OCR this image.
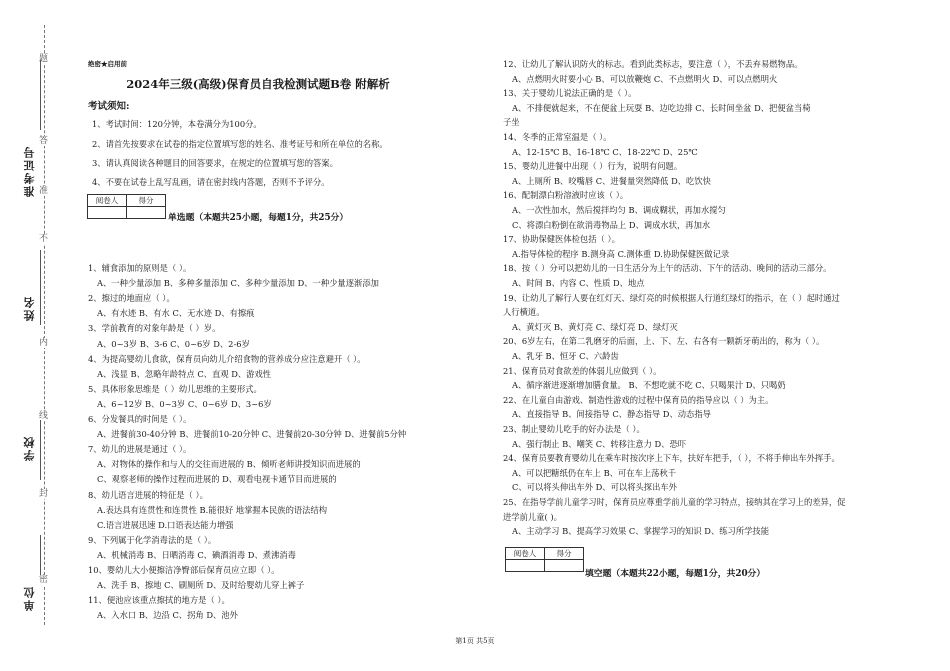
题
答
准
不
内
线
封
密
准考证号
姓名
学校
单位
绝密★启用前
2024年三级(高级)保育员自我检测试题B卷 附解析
考试须知:
1、考试时间：120分钟，本卷满分为100分。
2、请首先按要求在试卷的指定位置填写您的姓名、准考证号和所在单位的名称。
3、请认真阅读各种题目的回答要求，在规定的位置填写您的答案。
4、不要在试卷上乱写乱画，请在密封线内答题，否则不予评分。
阅卷人	得分

单选题（本题共25小题，每题1分，共25分）
1、辅食添加的原则是（ ）。
A、一种少量添加 B、多种多量添加 C、多种少量添加 D、一种少量逐渐添加
2、擦过的地面应（ ）。
A、有水迹 B、有水 C、无水迹 D、有擦痕
3、学前教育的对象年龄是（ ）岁。
A、0~3岁 B、3-6 C、0~6岁 D、2-6岁
4、为提高婴幼儿食欲，保育员向幼儿介绍食物的营养成分应注意避开（ ）。
A、浅显 B、忽略年龄特点 C、直观 D、游戏性
5、具体形象思维是（ ）幼儿思维的主要形式。
A、6~12岁 B、0~3岁 C、0~6岁 D、3~6岁
6、分发餐具的时间是（ ）。
A、进餐前30-40分钟 B、进餐前10-20分钟 C、进餐前20-30分钟 D、进餐前5分钟
7、幼儿的进展是通过（ ）。
A、对物体的操作和与人的交往而进展的 B、倾听老师讲授知识而进展的
C、观察老师的操作过程而进展的 D、观看电视卡通节目而进展的
8、幼儿语言进展的特征是（ ）。
A.表达具有连贯性和连贯性 B.能很好 地掌握本民族的语法结构
C.语言进展迅速 D.口语表达能力增强
9、下列属于化学消毒法的是（ ）。
A、机械消毒 B、日晒消毒 C、碘酒消毒 D、煮沸消毒
10、婴幼儿大小便擦洁净臀部后保育员应立即（ ）。
A、洗手 B、擦地 C、刷厕所 D、及时给婴幼儿穿上裤子
11、便池应该重点擦拭的地方是（ ）。
A、入水口 B、边沿 C、拐角 D、池外
12、让幼儿了解认识防火的标志。看到此类标志，要注意（ ），不丢弃易燃物品。
A、点燃明火时要小心 B、可以放鞭炮 C、不点燃明火 D、可以点燃明火
13、关于婴幼儿说法正确的是（ ）。
A、不排便就起来，不在便盆上玩耍 B、边吃边排 C、长时间坐盆 D、把便盆当椅
子坐
14、冬季的正常室温是（ ）。
A、12-15℃ B、16-18℃ C、18-22℃ D、25℃
15、婴幼儿进餐中出现（ ）行为，说明有问题。
A、上厕所 B、咬嘴唇 C、进餐量突然降低 D、吃饮快
16、配制漂白粉溶液时应该（ ）。
A、一次性加水，然后搅拌均匀 B、调成糊状，再加水搅匀
C、将漂白粉倒在欲消毒物品上 D、调成水状，再加水
17、协助保健医体检包括（ ）。
A.指导体检的程序 B.测身高 C.测体重 D.协助保健医做记录
18、按（ ）分可以把幼儿的一日生活分为上午的活动、下午的活动、晚间的活动三部分。
A、时间 B、内容 C、性质 D、地点
19、让幼儿了解行人要在红灯天、绿灯亮的时候根据人行道红绿灯的指示，在（ ）起时通过
人行横道。
A、黄灯灭 B、黄灯亮 C、绿灯亮 D、绿灯灭
20、6岁左右，在第二乳磨牙的后面，上、下、左、右各有一颗新牙萌出的，称为（ ）。
A、乳牙 B、恒牙 C、六龄齿
21、保育员对食欲差的体弱儿应做到（ ）。
A、循序渐进逐渐增加膳食量。 B、不想吃就不吃 C、只喝果汁 D、只喝奶
22、在儿童自由游戏、制造性游戏的过程中保育员的指导应以（ ）为主。
A、直接指导 B、间接指导 C、静态指导 D、动态指导
23、制止婴幼儿吃手的好办法是（ ）。
A、强行制止 B、嘲笑 C、转移注意力 D、恐吓
24、保育员要教育婴幼儿在乘车时按次序上下车，扶好车把手，（ ），不将手伸出车外挥手。
A、可以把糖纸仍在车上 B、可在车上荡秋千
C、可以将头伸出车外 D、可以将头探出车外
25、在指导学前儿童学习时，保育员应尊重学前儿童的学习特点，接纳其在学习上的差异，促
进学前儿童( )。
A、主动学习 B、提高学习效果 C、掌握学习的知识 D、练习所学技能
阅卷人	得分

填空题（本题共22小题，每题1分，共20分）
第1页 共5页
